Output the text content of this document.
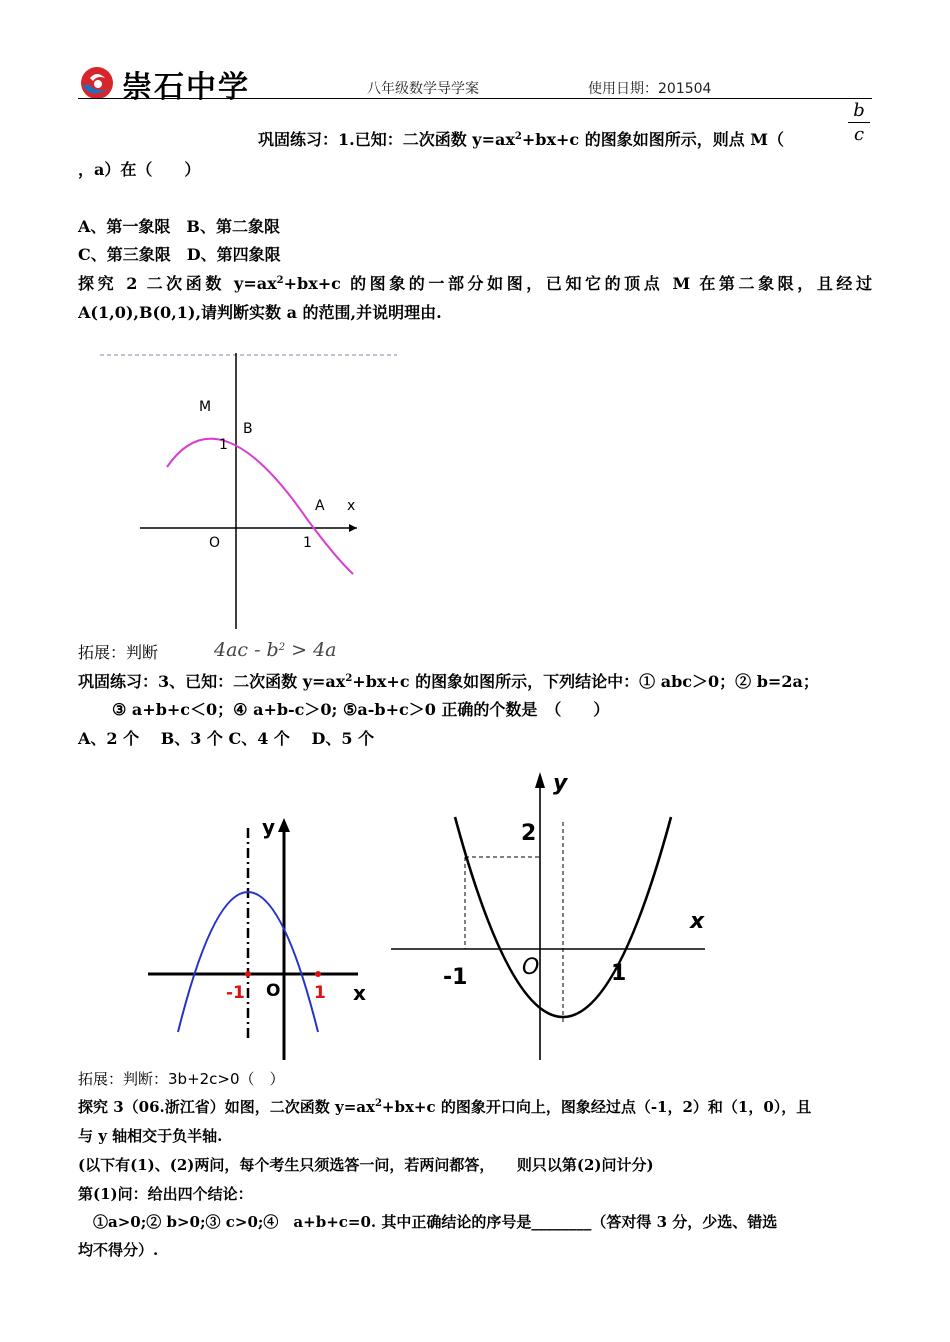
崇石中学	八年级数学导学案	使用日期：201504
巩固练习：1.已知：二次函数 $y=ax^2+bx+c$ 的图象如图所示，则点 M（
b
c
，a）在（　　）
A、第一象限　B、第二象限
C、第三象限　D、第四象限
探究 2 二次函数 $y=ax^2+bx+c$ 的图象的一部分如图，已知它的顶点 M 在第二象限，且经过
A(1,0),B(0,1),请判断实数 a 的范围,并说明理由.
M
B
1
A x
O	1
拓展：判断	$4ac - b^2 > 4a$
巩固练习：3、已知：二次函数 $y=ax^2+bx+c$ 的图象如图所示，下列结论中：① abc＞0；② b=2a；
③ a+b+c＜0；④ a+b-c＞0; ⑤a-b+c＞0 正确的个数是　（　　）
A、2 个　 B、3 个 C、4 个　 D、5 个
y
-1 O 1 x
y
2
x
-1 O	1
拓展：判断：3b+2c>0（　）
探究 3（06.浙江省）如图，二次函数 $y=ax^2+bx+c$ 的图象开口向上，图象经过点（-1，2）和（1，0），且
与 y 轴相交于负半轴.
(以下有(1)、(2)两问，每个考生只须选答一问，若两问都答，　　则只以第(2)问计分)
第(1)问：给出四个结论：
　①a>0;② b>0;③ c>0;④　a+b+c=0. 其中正确结论的序号是________（答对得 3 分，少选、错选
均不得分）.
